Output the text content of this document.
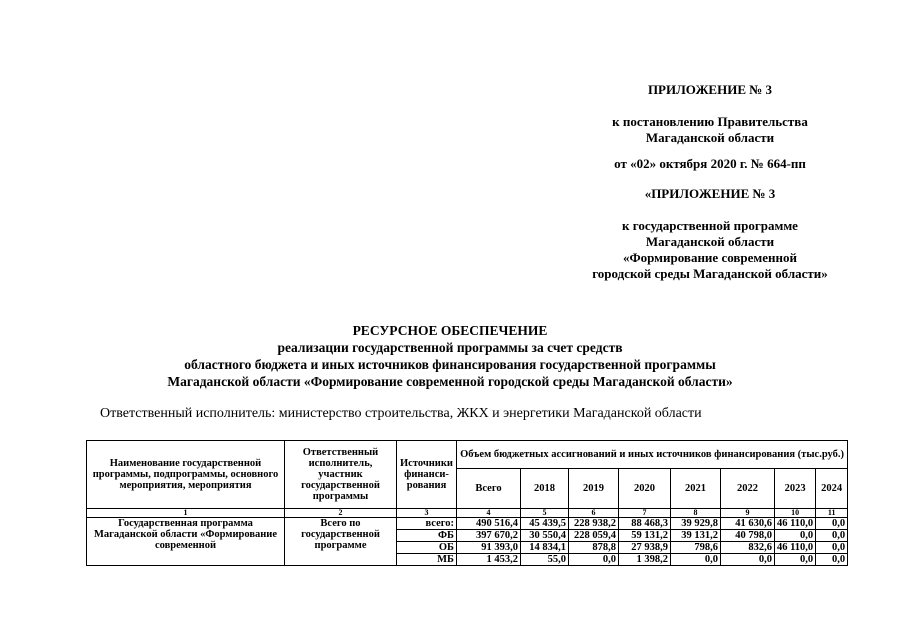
ПРИЛОЖЕНИЕ № 3

к постановлению Правительства

Магаданской области

от «02» октября 2020 г. № 664-пп

«ПРИЛОЖЕНИЕ № 3

к государственной программе

Магаданской области

«Формирование современной

городской среды Магаданской области»

РЕСУРСНОЕ ОБЕСПЕЧЕНИЕ

реализации государственной программы за счет средств

областного бюджета и иных источников финансирования государственной программы

Магаданской области «Формирование современной городской среды Магаданской области»

Ответственный исполнитель: министерство строительства, ЖКХ и энергетики Магаданской области
Наименование государственной программы, подпрограммы, основного мероприятия, мероприятия	Ответственный исполнитель, участник государственной программы	Источники финанси-рования	Объем бюджетных ассигнований и иных источников финансирования (тыс.руб.)							
			Всего	2018	2019	2020	2021	2022	2023	2024
1	2	3	4	5	6	7	8	9	10	11
Государственная программа Магаданской области «Формирование современной	Всего по государственной программе	всего:	490 516,4	45 439,5	228 938,2	88 468,3	39 929,8	41 630,6	46 110,0	0,0
		ФБ	397 670,2	30 550,4	228 059,4	59 131,2	39 131,2	40 798,0	0,0	0,0
		ОБ	91 393,0	14 834,1	878,8	27 938,9	798,6	832,6	46 110,0	0,0
		МБ	1 453,2	55,0	0,0	1 398,2	0,0	0,0	0,0	0,0
